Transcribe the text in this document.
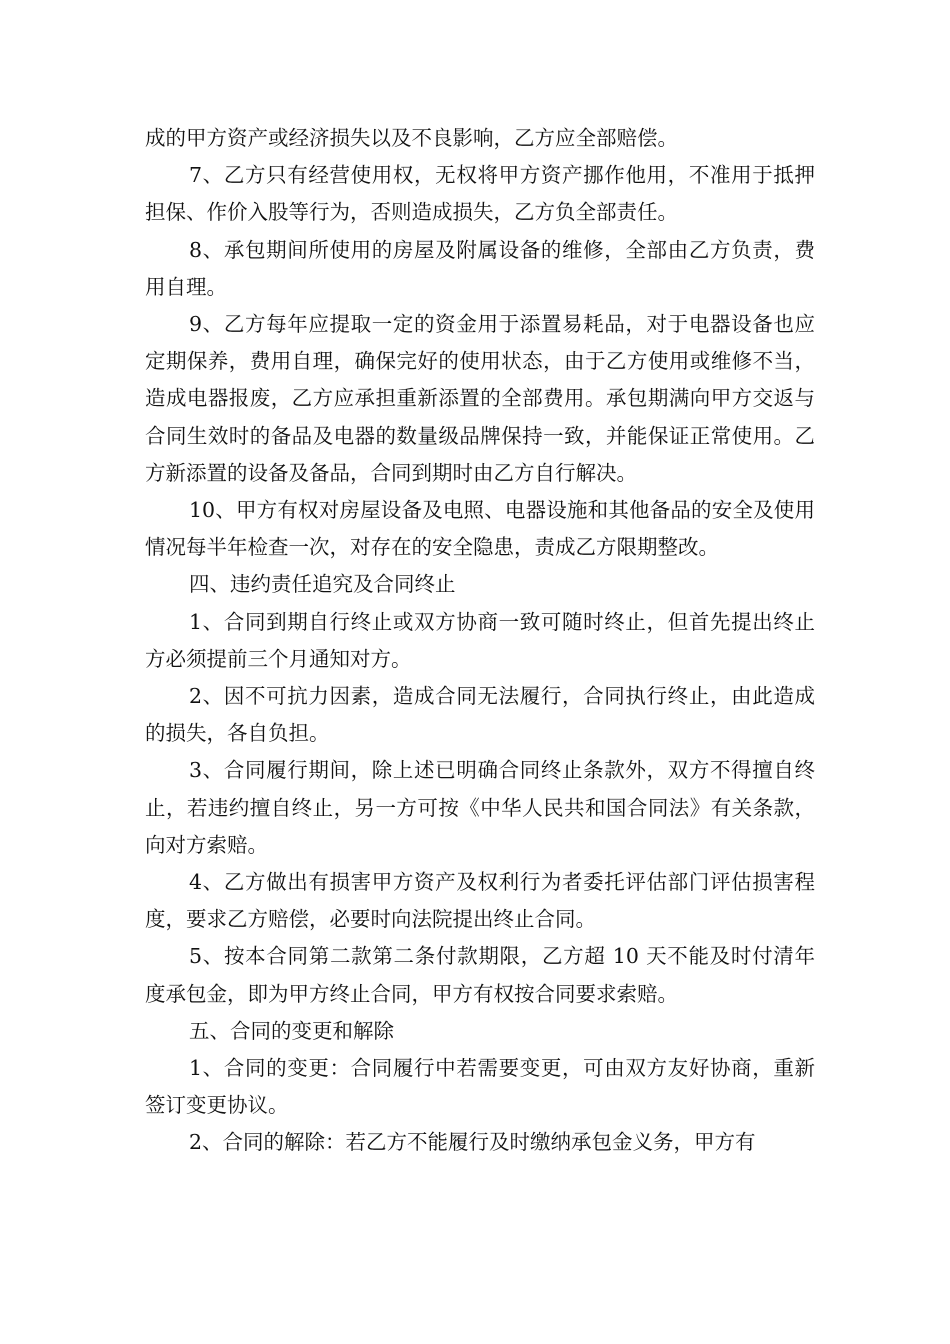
成的甲方资产或经济损失以及不良影响，乙方应全部赔偿。

7、乙方只有经营使用权，无权将甲方资产挪作他用，不准用于抵押担保、作价入股等行为，否则造成损失，乙方负全部责任。

8、承包期间所使用的房屋及附属设备的维修，全部由乙方负责，费用自理。

9、乙方每年应提取一定的资金用于添置易耗品，对于电器设备也应定期保养，费用自理，确保完好的使用状态，由于乙方使用或维修不当，造成电器报废，乙方应承担重新添置的全部费用。承包期满向甲方交返与合同生效时的备品及电器的数量级品牌保持一致，并能保证正常使用。乙方新添置的设备及备品，合同到期时由乙方自行解决。

10、甲方有权对房屋设备及电照、电器设施和其他备品的安全及使用情况每半年检查一次，对存在的安全隐患，责成乙方限期整改。

四、违约责任追究及合同终止

1、合同到期自行终止或双方协商一致可随时终止，但首先提出终止方必须提前三个月通知对方。

2、因不可抗力因素，造成合同无法履行，合同执行终止，由此造成的损失，各自负担。

3、合同履行期间，除上述已明确合同终止条款外，双方不得擅自终止，若违约擅自终止，另一方可按《中华人民共和国合同法》有关条款，向对方索赔。

4、乙方做出有损害甲方资产及权利行为者委托评估部门评估损害程度，要求乙方赔偿，必要时向法院提出终止合同。

5、按本合同第二款第二条付款期限，乙方超 10 天不能及时付清年度承包金，即为甲方终止合同，甲方有权按合同要求索赔。

五、合同的变更和解除

1、合同的变更：合同履行中若需要变更，可由双方友好协商，重新签订变更协议。

2、合同的解除：若乙方不能履行及时缴纳承包金义务，甲方有
